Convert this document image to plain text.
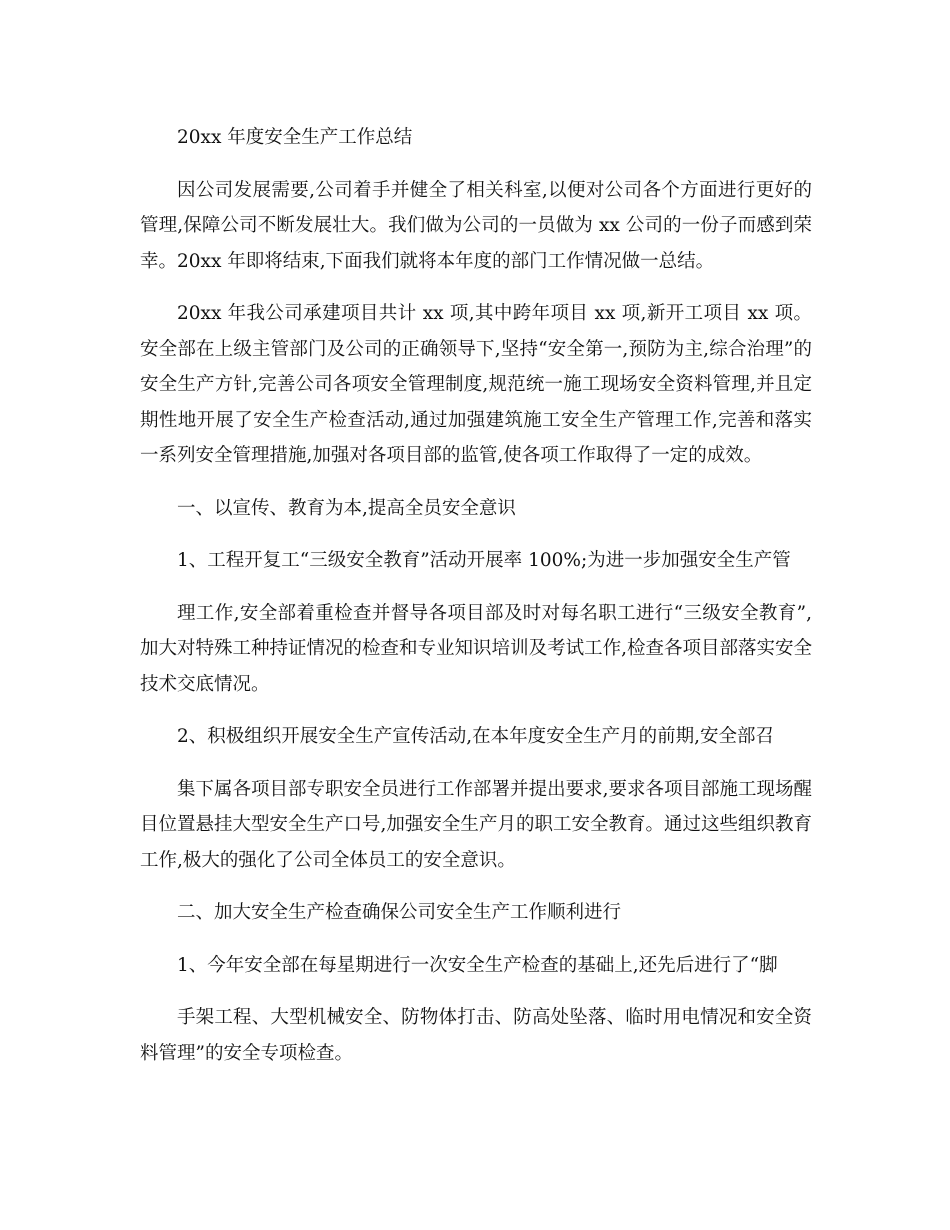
20xx 年度安全生产工作总结

因公司发展需要,公司着手并健全了相关科室,以便对公司各个方面进行更好的管理,保障公司不断发展壮大。我们做为公司的一员做为 xx 公司的一份子而感到荣幸。20xx 年即将结束,下面我们就将本年度的部门工作情况做一总结。

20xx 年我公司承建项目共计 xx 项,其中跨年项目 xx 项,新开工项目 xx 项。安全部在上级主管部门及公司的正确领导下,坚持“安全第一,预防为主,综合治理”的安全生产方针,完善公司各项安全管理制度,规范统一施工现场安全资料管理,并且定期性地开展了安全生产检查活动,通过加强建筑施工安全生产管理工作,完善和落实一系列安全管理措施,加强对各项目部的监管,使各项工作取得了一定的成效。

一、以宣传、教育为本,提高全员安全意识

1、工程开复工“三级安全教育”活动开展率 100%;为进一步加强安全生产管

理工作,安全部着重检查并督导各项目部及时对每名职工进行“三级安全教育”,加大对特殊工种持证情况的检查和专业知识培训及考试工作,检查各项目部落实安全技术交底情况。

2、积极组织开展安全生产宣传活动,在本年度安全生产月的前期,安全部召

集下属各项目部专职安全员进行工作部署并提出要求,要求各项目部施工现场醒目位置悬挂大型安全生产口号,加强安全生产月的职工安全教育。通过这些组织教育工作,极大的强化了公司全体员工的安全意识。

二、加大安全生产检查确保公司安全生产工作顺利进行

1、今年安全部在每星期进行一次安全生产检查的基础上,还先后进行了“脚

手架工程、大型机械安全、防物体打击、防高处坠落、临时用电情况和安全资料管理”的安全专项检查。
